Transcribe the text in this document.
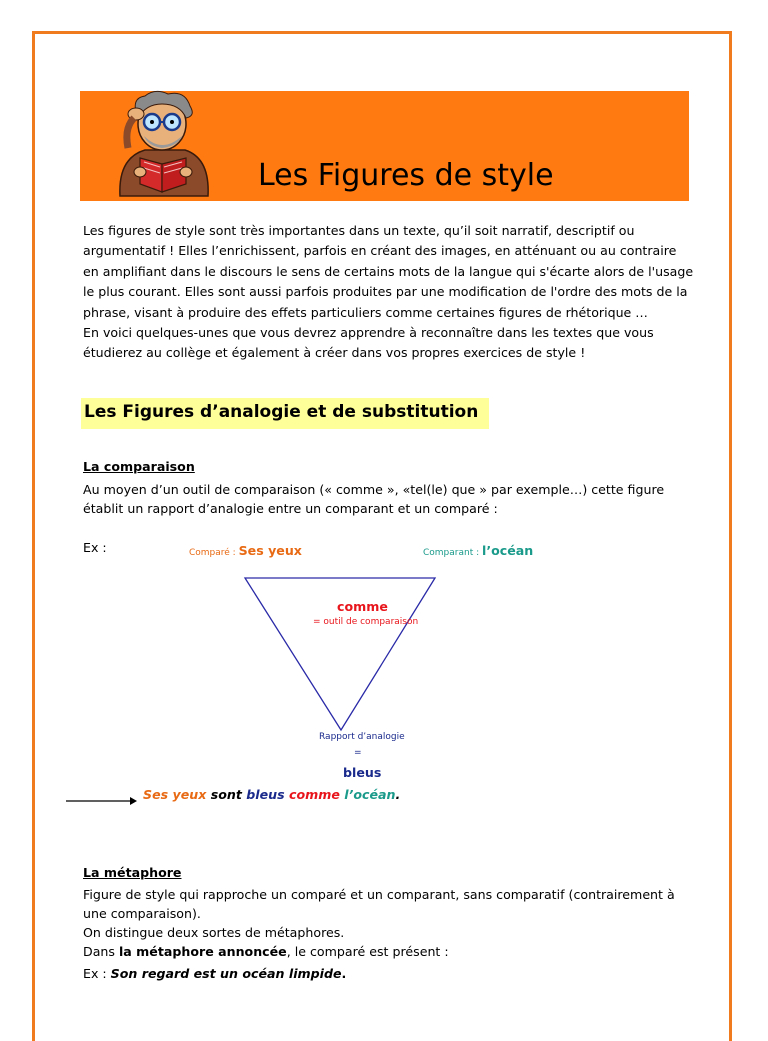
Les Figures de style

Les figures de style sont très importantes dans un texte, qu’il soit narratif, descriptif ou argumentatif ! Elles l’enrichissent, parfois en créant des images, en atténuant ou au contraire en amplifiant dans le discours le sens de certains mots de la langue qui s'écarte alors de l'usage le plus courant. Elles sont aussi parfois produites par une modification de l'ordre des mots de la phrase, visant à produire des effets particuliers comme certaines figures de rhétorique …

En voici quelques-unes que vous devrez apprendre à reconnaître dans les textes que vous étudierez au collège et également à créer dans vos propres exercices de style !

Les Figures d’analogie et de substitution
La comparaison
Au moyen d’un outil de comparaison (« comme », «tel(le) que » par exemple…) cette figure établit un rapport d’analogie entre un comparant et un comparé :
Ex :	Comparé : Ses yeux	Comparant : l’océan
comme
= outil de comparaison
Rapport d’analogie
=
bleus
Ses yeux sont bleus comme l’océan.
La métaphore

Figure de style qui rapproche un comparé et un comparant, sans comparatif (contrairement à une comparaison).

On distingue deux sortes de métaphores.

Dans la métaphore annoncée, le comparé est présent :

Ex : Son regard est un océan limpide.
